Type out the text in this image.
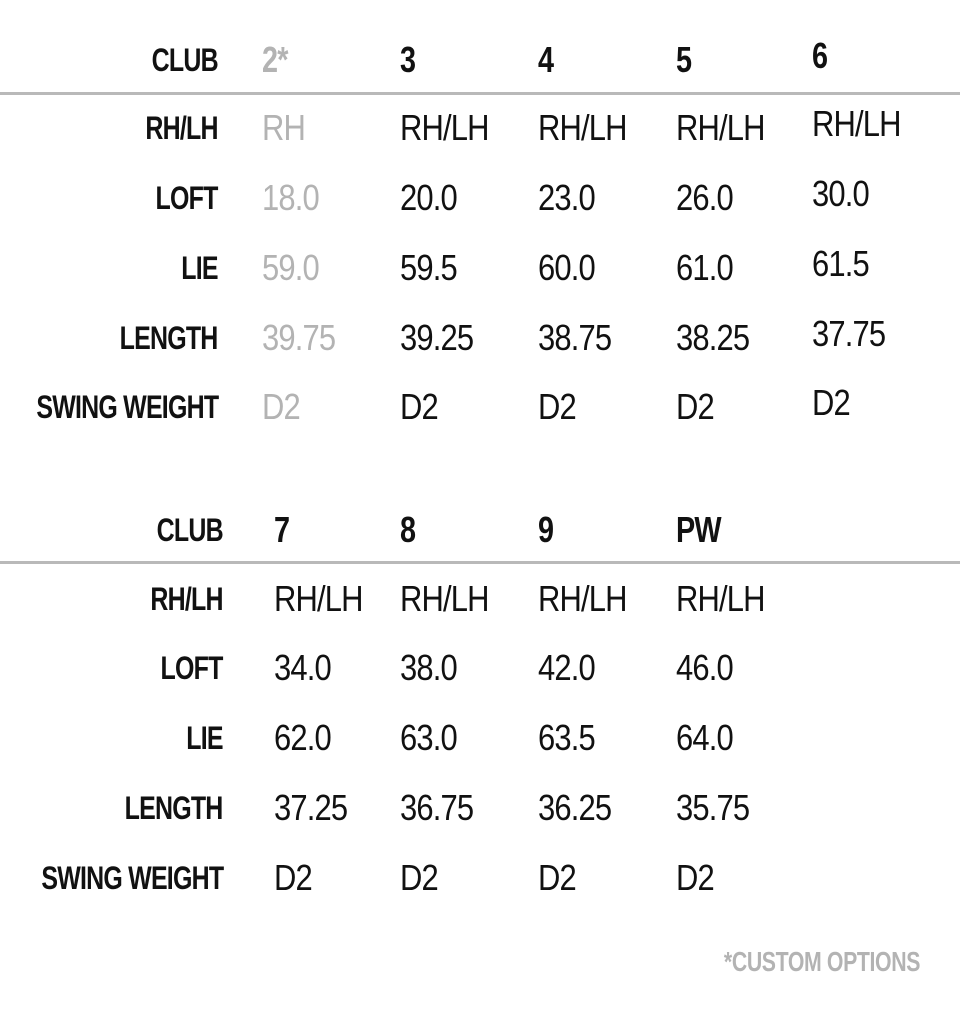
CLUB 2*	3	4	5	6
RH/LH RH	RH/LH RH/LH RH/LH RH/LH
LOFT 18.0 20.0 23.0 26.0 30.0
LIE 59.0 59.5 60.0 61.0 61.5
LENGTH 39.75 39.25 38.75 38.25 37.75
SWING WEIGHT D2	D2	D2	D2	D2
CLUB 7	8	9	PW
RH/LH RH/LH RH/LH RH/LH RH/LH
LOFT 34.0 38.0 42.0 46.0
LIE 62.0 63.0 63.5 64.0
LENGTH 37.25 36.75 36.25 35.75
SWING WEIGHT D2 D2	D2	D2
*CUSTOM OPTIONS
